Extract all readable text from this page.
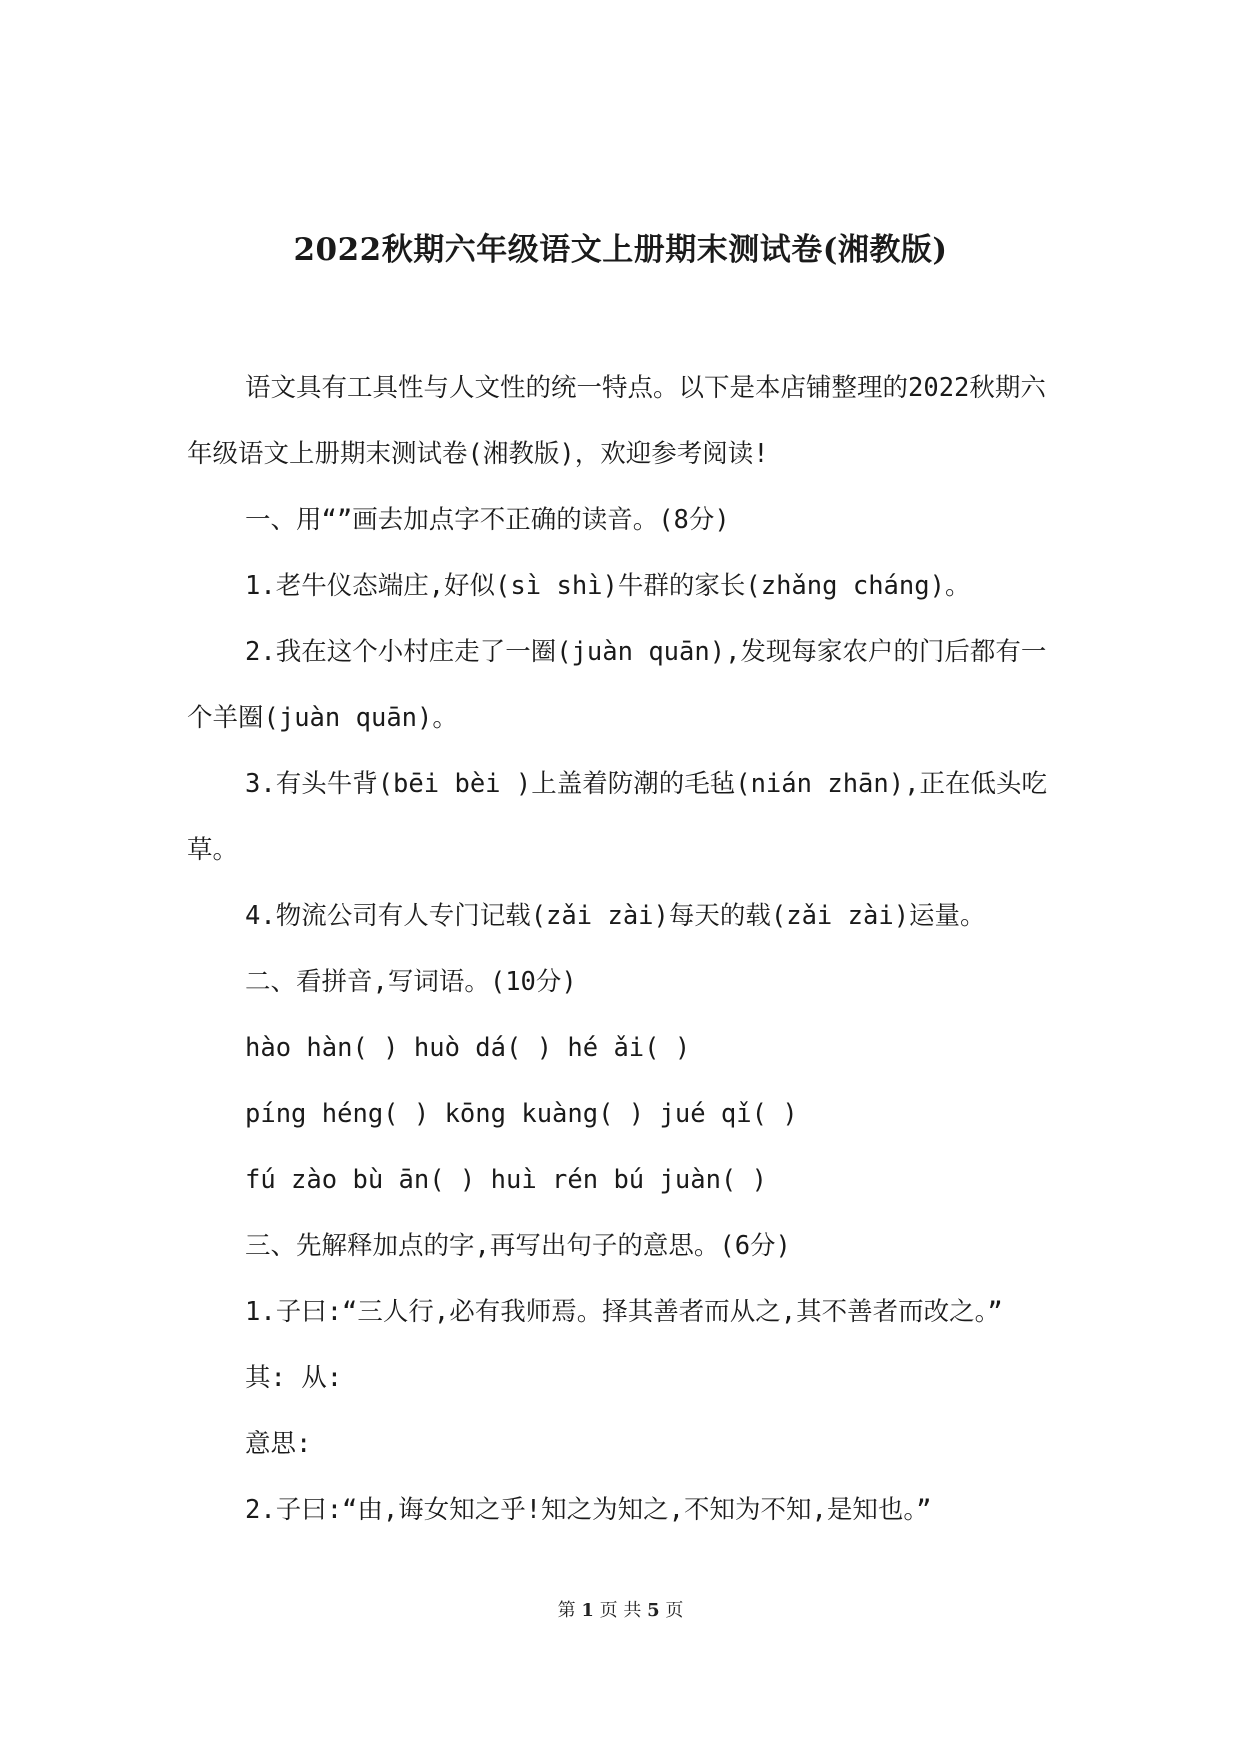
2022秋期六年级语文上册期末测试卷(湘教版)

语文具有工具性与人文性的统一特点。以下是本店铺整理的2022秋期六年级语文上册期末测试卷(湘教版)，欢迎参考阅读!

一、用“”画去加点字不正确的读音。(8分)

1.老牛仪态端庄,好似(sì shì)牛群的家长(zhǎng cháng)。

2.我在这个小村庄走了一圈(juàn quān),发现每家农户的门后都有一个羊圈(juàn quān)。

3.有头牛背(bēi bèi )上盖着防潮的毛毡(nián zhān),正在低头吃草。

4.物流公司有人专门记载(zǎi zài)每天的载(zǎi zài)运量。

二、看拼音,写词语。(10分)

hào hàn( ) huò dá( ) hé ǎi( )

píng héng( ) kōng kuàng( ) jué qǐ( )

fú zào bù ān( ) huì rén bú juàn( )

三、先解释加点的字,再写出句子的意思。(6分)

1.子曰:“三人行,必有我师焉。择其善者而从之,其不善者而改之。”

其: 从:

意思:

2.子曰:“由,诲女知之乎!知之为知之,不知为不知,是知也。”

第 1 页 共 5 页
